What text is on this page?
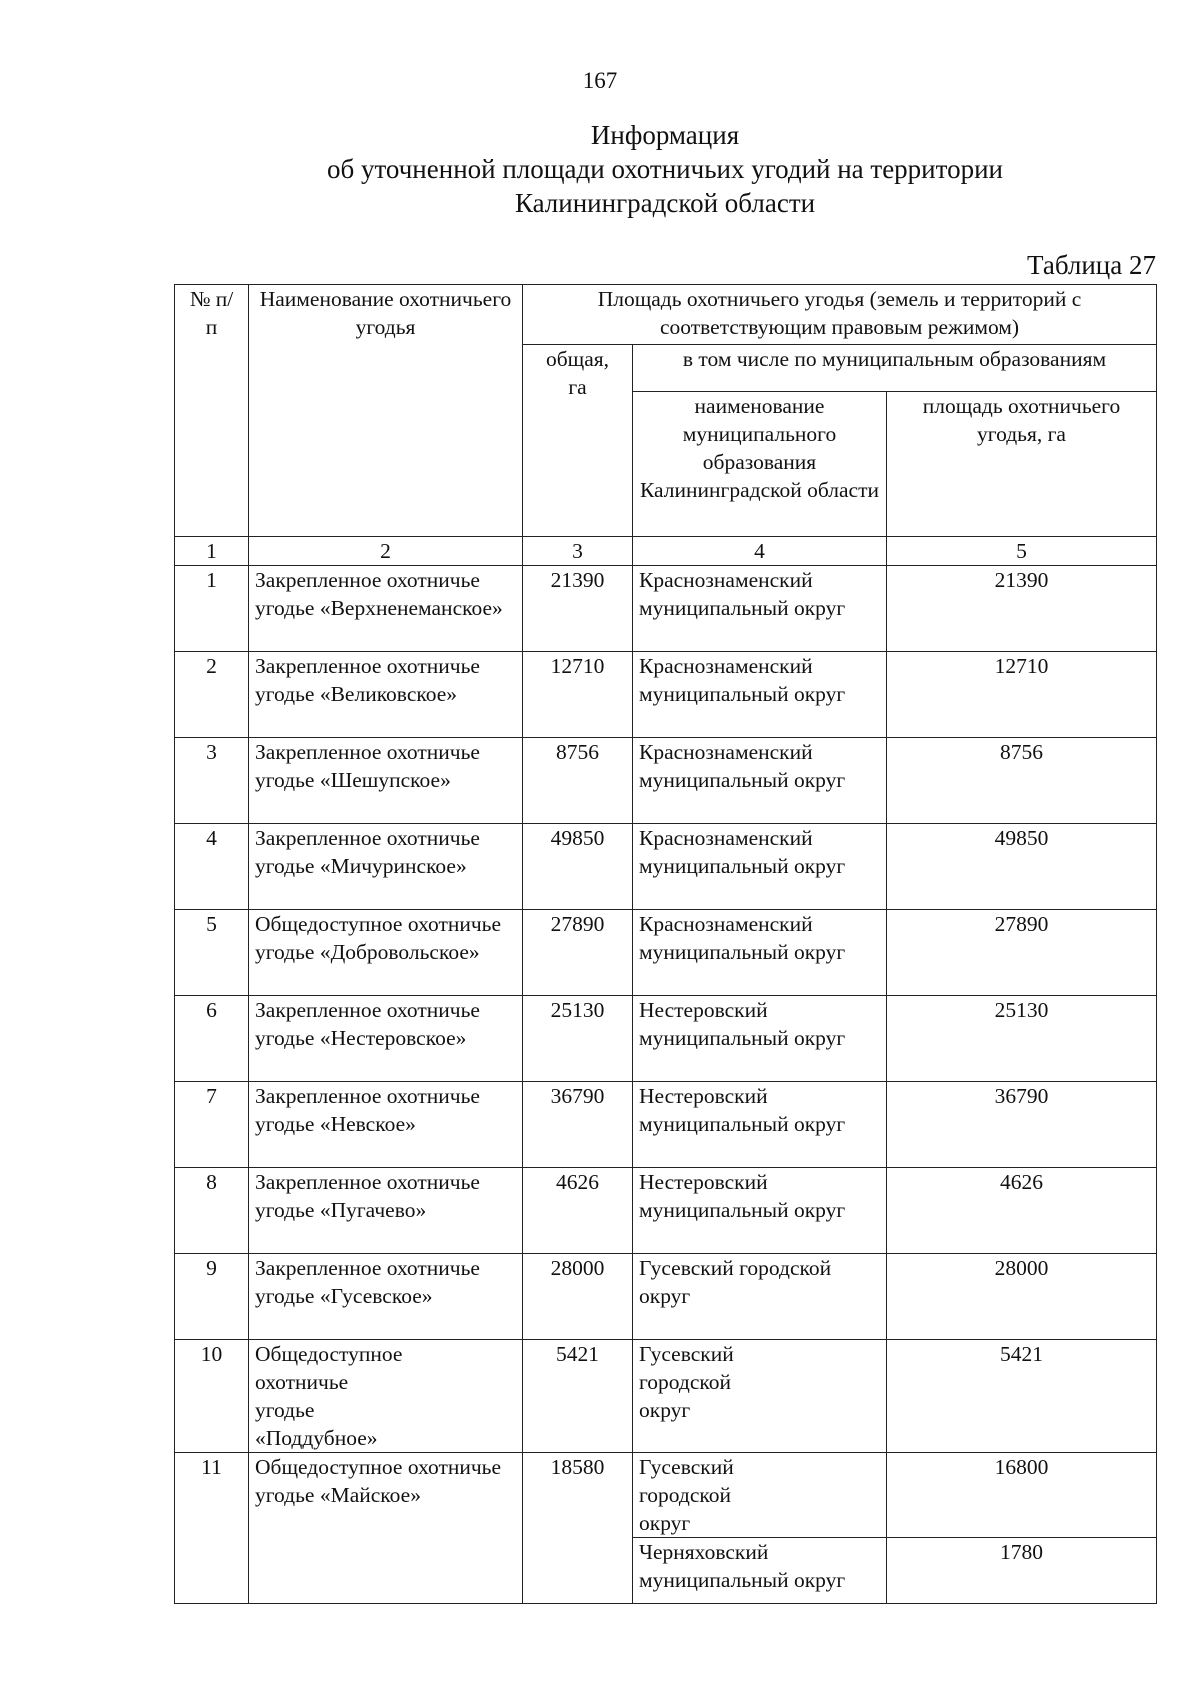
167
Информация
об уточненной площади охотничьих угодий на территории
Калининградской области
Таблица 27
№ п/п	Наименование охотничьего угодья	Площадь охотничьего угодья (земель и территорий с соответствующим правовым режимом)		
		общая, га	в том числе по муниципальным образованиям	
			наименование муниципального образования Калининградской области	площадь охотничьего угодья, га
1	2	3	4	5
1	Закрепленное охотничье угодье «Верхненеманское»	21390	Краснознаменский муниципальный округ	21390
2	Закрепленное охотничье угодье «Великовское»	12710	Краснознаменский муниципальный округ	12710
3	Закрепленное охотничье угодье «Шешупское»	8756	Краснознаменский муниципальный округ	8756
4	Закрепленное охотничье угодье «Мичуринское»	49850	Краснознаменский муниципальный округ	49850
5	Общедоступное охотничье угодье «Добровольское»	27890	Краснознаменский муниципальный округ	27890
6	Закрепленное охотничье угодье «Нестеровское»	25130	Нестеровский муниципальный округ	25130
7	Закрепленное охотничье угодье «Невское»	36790	Нестеровский муниципальный округ	36790
8	Закрепленное охотничье угодье «Пугачево»	4626	Нестеровский муниципальный округ	4626
9	Закрепленное охотничье угодье «Гусевское»	28000	Гусевский городской округ	28000
10	Общедоступное охотничье угодье «Поддубное»	5421	Гусевский городской округ	5421
11	Общедоступное охотничье угодье «Майское»	18580	Гусевский городской округ	16800
			Черняховский муниципальный округ	1780
